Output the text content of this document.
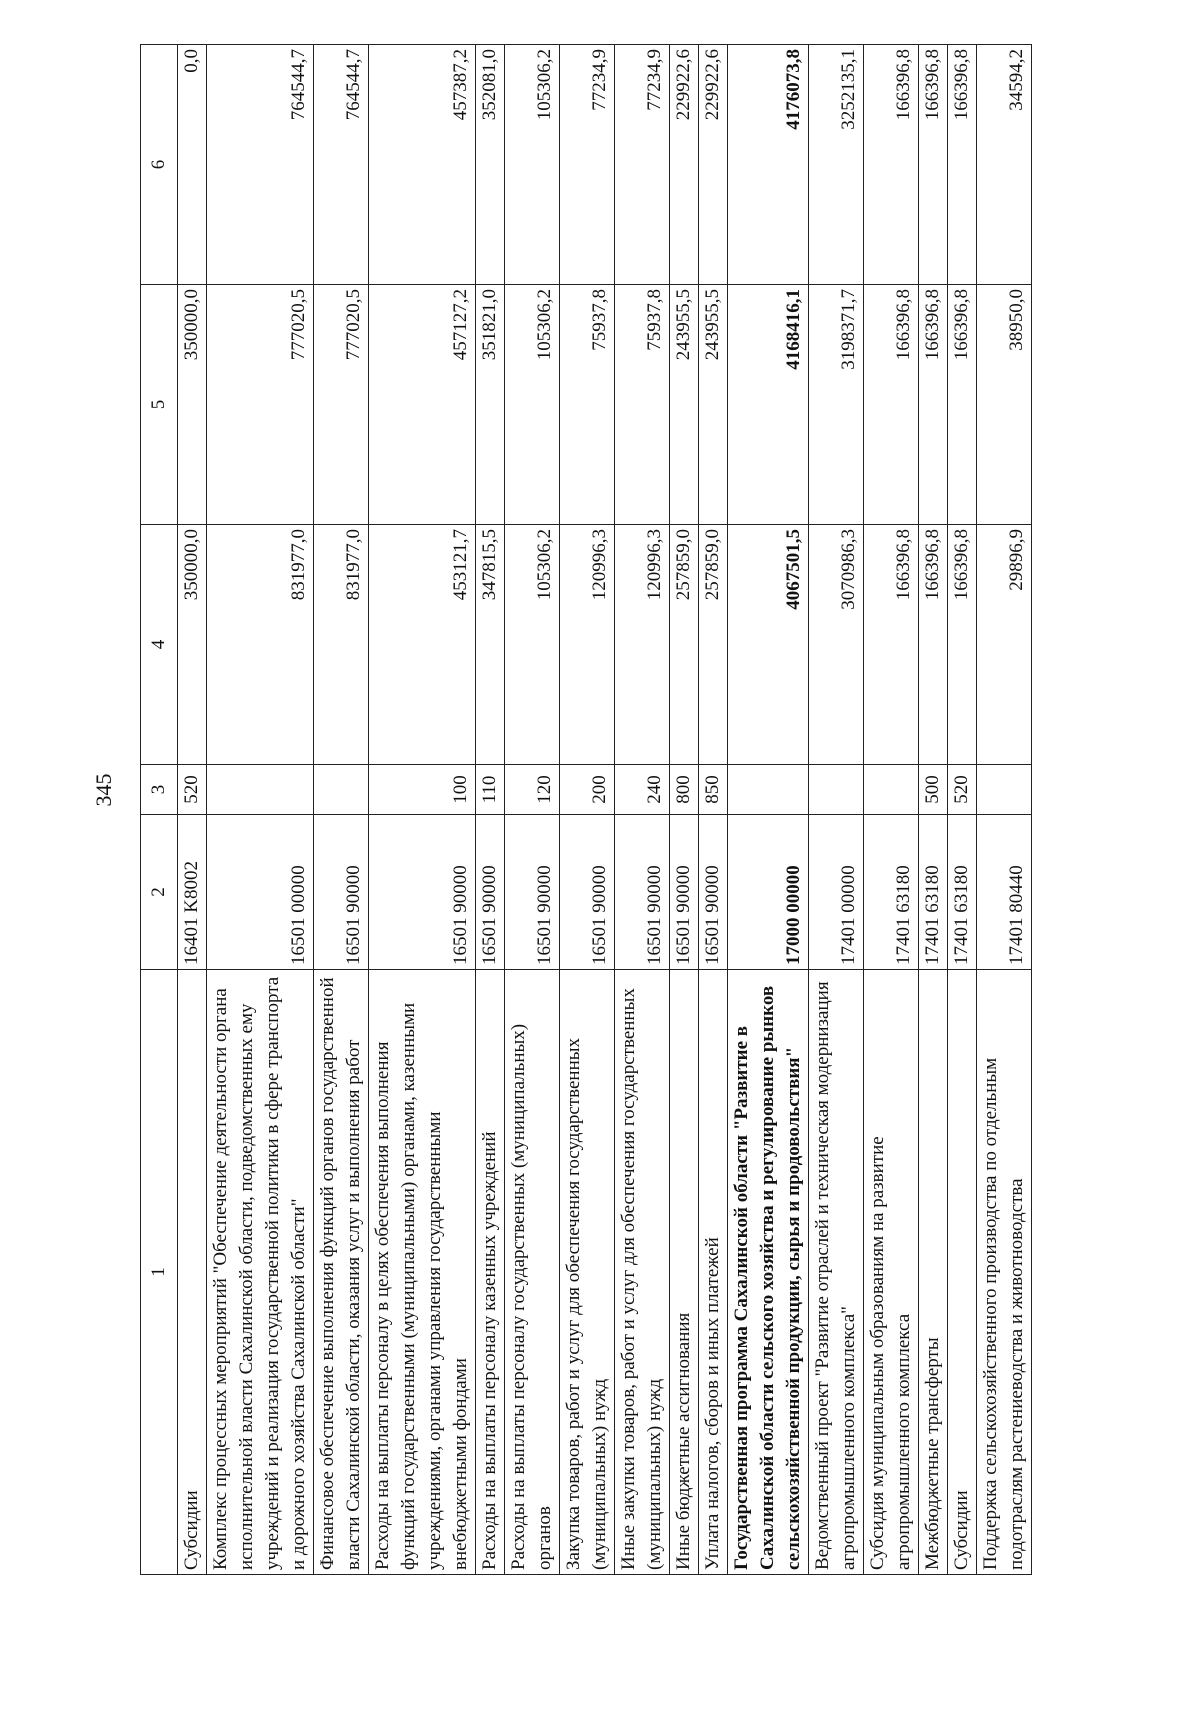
345
1	2	3	4	5	6
Субсидии	16401 K8002	520	350000,0	350000,0	0,0
Комплекс процессных мероприятий "Обеспечение деятельности органа исполнительной власти Сахалинской области, подведомственных ему учреждений и реализация государственной политики в сфере транспорта и дорожного хозяйства Сахалинской области"	16501 00000		831977,0	777020,5	764544,7
Финансовое обеспечение выполнения функций органов государственной власти Сахалинской области, оказания услуг и выполнения работ	16501 90000		831977,0	777020,5	764544,7
Расходы на выплаты персоналу в целях обеспечения выполнения функций государственными (муниципальными) органами, казенными учреждениями, органами управления государственными внебюджетными фондами	16501 90000	100	453121,7	457127,2	457387,2
Расходы на выплаты персоналу казенных учреждений	16501 90000	110	347815,5	351821,0	352081,0
Расходы на выплаты персоналу государственных (муниципальных) органов	16501 90000	120	105306,2	105306,2	105306,2
Закупка товаров, работ и услуг для обеспечения государственных (муниципальных) нужд	16501 90000	200	120996,3	75937,8	77234,9
Иные закупки товаров, работ и услуг для обеспечения государственных (муниципальных) нужд	16501 90000	240	120996,3	75937,8	77234,9
Иные бюджетные ассигнования	16501 90000	800	257859,0	243955,5	229922,6
Уплата налогов, сборов и иных платежей	16501 90000	850	257859,0	243955,5	229922,6
Государственная программа Сахалинской области "Развитие в Сахалинской области сельского хозяйства и регулирование рынков сельскохозяйственной продукции, сырья и продовольствия"	17000 00000		4067501,5	4168416,1	4176073,8
Ведомственный проект "Развитие отраслей и техническая модернизация агропромышленного комплекса"	17401 00000		3070986,3	3198371,7	3252135,1
Субсидия муниципальным образованиям на развитие агропромышленного комплекса	17401 63180		166396,8	166396,8	166396,8
Межбюджетные трансферты	17401 63180	500	166396,8	166396,8	166396,8
Субсидии	17401 63180	520	166396,8	166396,8	166396,8
Поддержка сельскохозяйственного производства по отдельным подотраслям растениеводства и животноводства	17401 80440		29896,9	38950,0	34594,2
